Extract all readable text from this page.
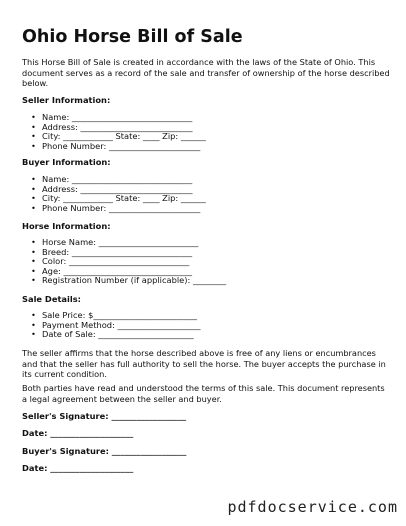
Ohio Horse Bill of Sale
This Horse Bill of Sale is created in accordance with the laws of the State of Ohio. This document serves as a record of the sale and transfer of ownership of the horse described below.
Seller Information:
• Name: _____________________________
• Address: ___________________________
• City: ____________ State: ____ Zip: ______
• Phone Number: ______________________
Buyer Information:
• Name: _____________________________
• Address: ___________________________
• City: ____________ State: ____ Zip: ______
• Phone Number: ______________________
Horse Information:
• Horse Name: ________________________
• Breed: _____________________________
• Color: _____________________________
• Age: _______________________________
• Registration Number (if applicable): ________
Sale Details:
• Sale Price: $_________________________
• Payment Method: ____________________
• Date of Sale: _______________________
The seller affirms that the horse described above is free of any liens or encumbrances and that the seller has full authority to sell the horse. The buyer accepts the purchase in its current condition.
Both parties have read and understood the terms of this sale. This document represents a legal agreement between the seller and buyer.
Seller's Signature: __________________
Date: ____________________
Buyer's Signature: __________________
Date: ____________________
pdfdocservice.com
